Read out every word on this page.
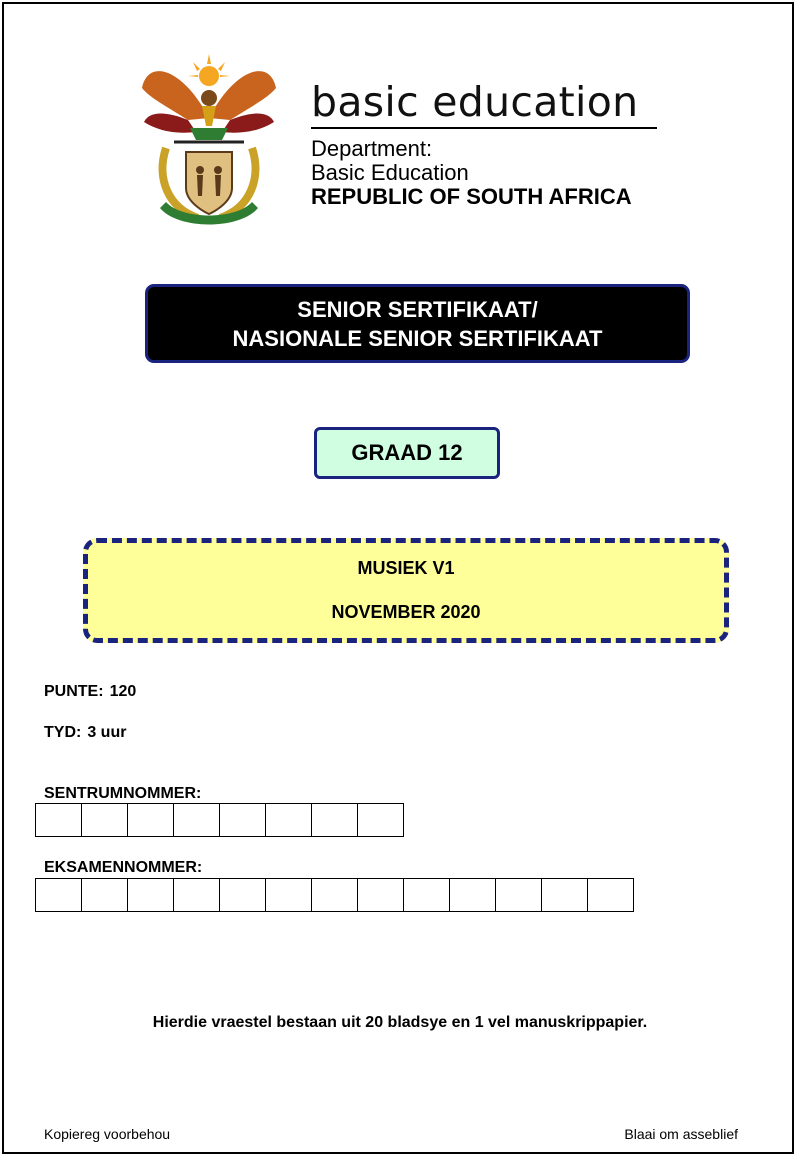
basic education
Department:
Basic Education
REPUBLIC OF SOUTH AFRICA
SENIOR SERTIFIKAAT/
NASIONALE SENIOR SERTIFIKAAT
GRAAD 12
MUSIEK V1
NOVEMBER 2020
PUNTE: 120
TYD: 3 uur
SENTRUMNOMMER:
EKSAMENNOMMER:
Hierdie vraestel bestaan uit 20 bladsye en 1 vel manuskrippapier.
Kopiereg voorbehou	Blaai om asseblief
